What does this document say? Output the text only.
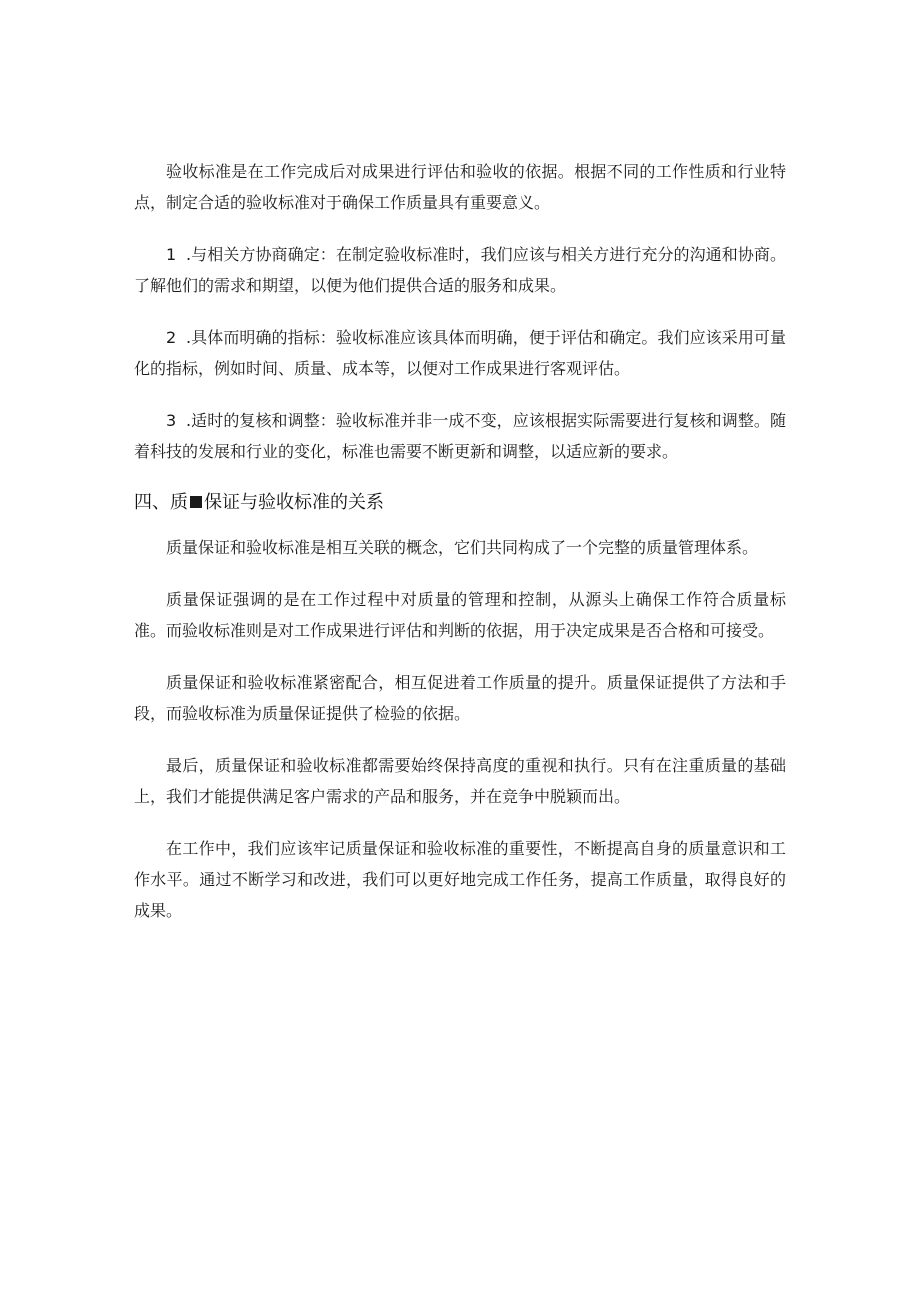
验收标准是在工作完成后对成果进行评估和验收的依据。根据不同的工作性质和行业特点，制定合适的验收标准对于确保工作质量具有重要意义。

1 .与相关方协商确定：在制定验收标准时，我们应该与相关方进行充分的沟通和协商。了解他们的需求和期望，以便为他们提供合适的服务和成果。

2 .具体而明确的指标：验收标准应该具体而明确，便于评估和确定。我们应该采用可量化的指标，例如时间、质量、成本等，以便对工作成果进行客观评估。

3 .适时的复核和调整：验收标准并非一成不变，应该根据实际需要进行复核和调整。随着科技的发展和行业的变化，标准也需要不断更新和调整，以适应新的要求。

四、质 保证与验收标准的关系

质量保证和验收标准是相互关联的概念，它们共同构成了一个完整的质量管理体系。

质量保证强调的是在工作过程中对质量的管理和控制，从源头上确保工作符合质量标准。而验收标准则是对工作成果进行评估和判断的依据，用于决定成果是否合格和可接受。

质量保证和验收标准紧密配合，相互促进着工作质量的提升。质量保证提供了方法和手段，而验收标准为质量保证提供了检验的依据。

最后，质量保证和验收标准都需要始终保持高度的重视和执行。只有在注重质量的基础上，我们才能提供满足客户需求的产品和服务，并在竞争中脱颖而出。

在工作中，我们应该牢记质量保证和验收标准的重要性，不断提高自身的质量意识和工作水平。通过不断学习和改进，我们可以更好地完成工作任务，提高工作质量，取得良好的成果。
